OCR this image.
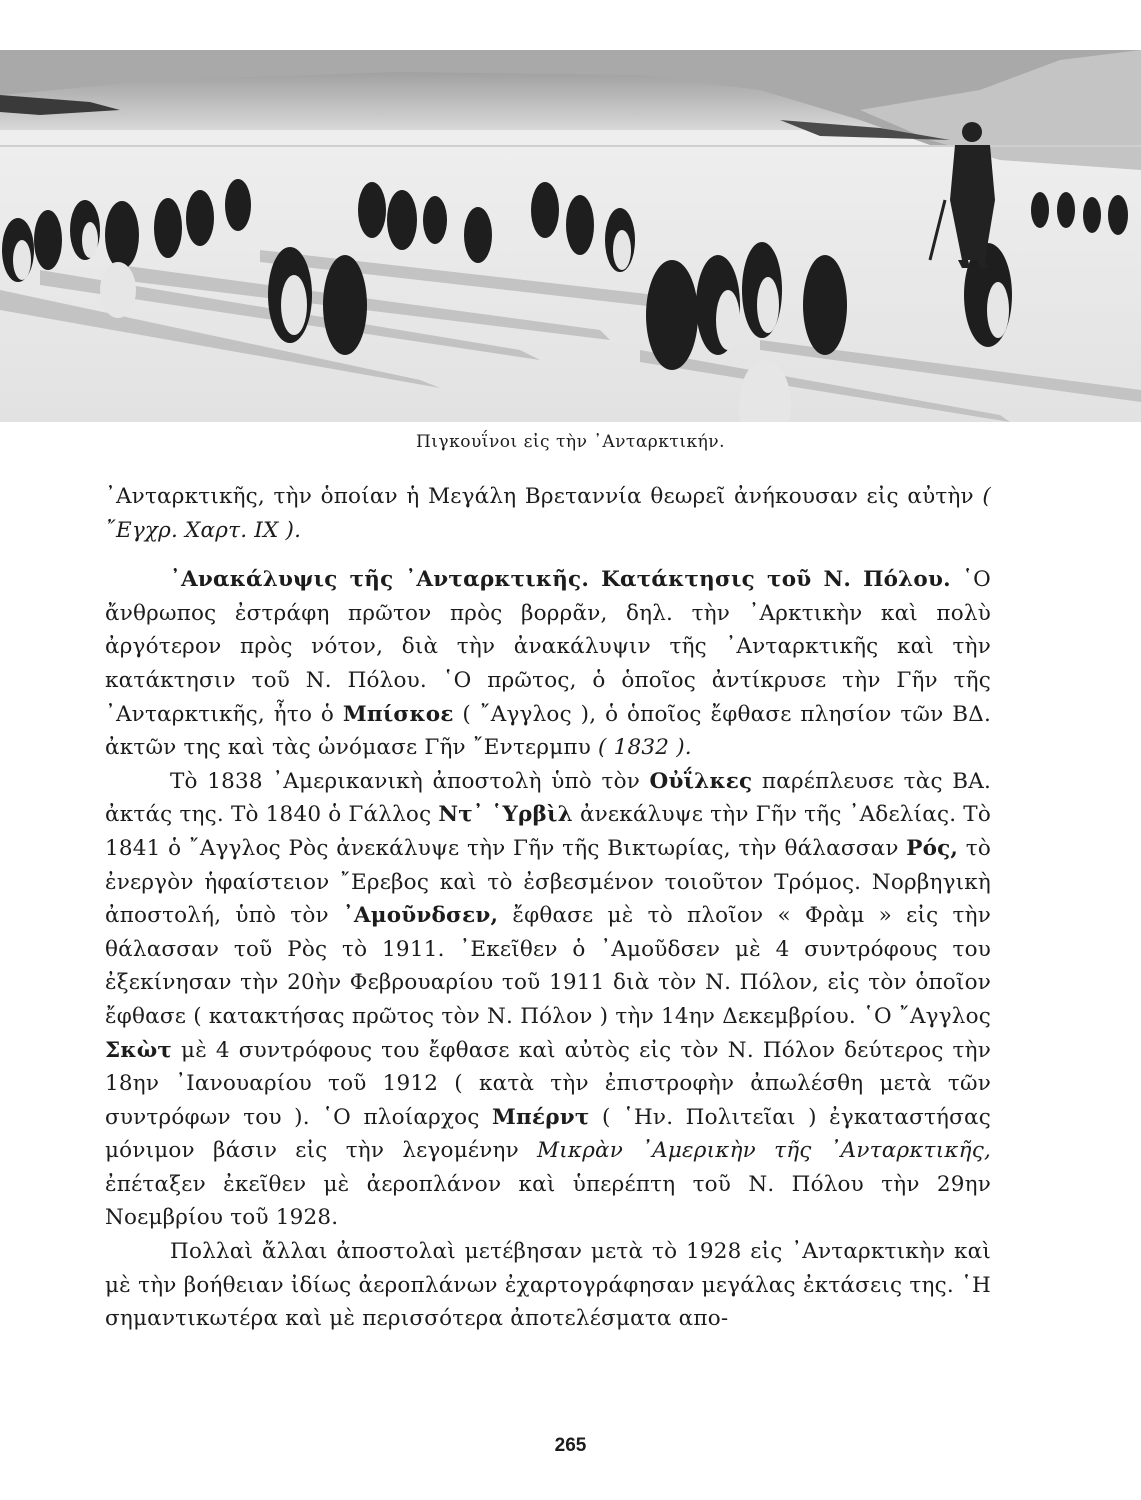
Πιγκουΐνοι εἰς τὴν ᾿Ανταρκτικήν.

᾿Ανταρκτικῆς, τὴν ὁποίαν ἡ Μεγάλη Βρεταννία θεωρεῖ ἀνήκουσαν εἰς αὐτὴν ( ῎Εγχρ. Χαρτ. ΙΧ ).

᾿Ανακάλυψις τῆς ᾿Ανταρκτικῆς. Κατάκτησις τοῦ Ν. Πόλου. ῾Ο ἄνθρωπος ἐστράφη πρῶτον πρὸς βορρᾶν, δηλ. τὴν ᾿Αρκτικὴν καὶ πολὺ ἀργότερον πρὸς νότον, διὰ τὴν ἀνακάλυψιν τῆς ᾿Ανταρκτικῆς καὶ τὴν κατάκτησιν τοῦ Ν. Πόλου. ῾Ο πρῶτος, ὁ ὁποῖος ἀντίκρυσε τὴν Γῆν τῆς ᾿Ανταρκτικῆς, ἦτο ὁ Μπίσκοε ( ῎Αγγλος ), ὁ ὁποῖος ἔφθασε πλησίον τῶν ΒΔ. ἀκτῶν της καὶ τὰς ὠνόμασε Γῆν ῎Εντερμπυ ( 1832 ).

Τὸ 1838 ᾿Αμερικανικὴ ἀποστολὴ ὑπὸ τὸν Οὐΐλκες παρέπλευσε τὰς ΒΑ. ἀκτάς της. Τὸ 1840 ὁ Γάλλος Ντ᾿ ῾Υρβὶλ ἀνεκάλυψε τὴν Γῆν τῆς ᾿Αδελίας. Τὸ 1841 ὁ ῎Αγγλος Ρὸς ἀνεκάλυψε τὴν Γῆν τῆς Βικτωρίας, τὴν θάλασσαν Ρός, τὸ ἐνεργὸν ἡφαίστειον ῎Ερεβος καὶ τὸ ἐσβεσμένον τοιοῦτον Τρόμος. Νορβηγικὴ ἀποστολή, ὑπὸ τὸν ᾿Αμοῦνδσεν, ἔφθασε μὲ τὸ πλοῖον « Φρὰμ » εἰς τὴν θάλασσαν τοῦ Ρὸς τὸ 1911. ᾿Εκεῖθεν ὁ ᾿Αμοῦδσεν μὲ 4 συντρόφους του ἐξεκίνησαν τὴν 20ὴν Φεβρουαρίου τοῦ 1911 διὰ τὸν Ν. Πόλον, εἰς τὸν ὁποῖον ἔφθασε ( κατακτήσας πρῶτος τὸν Ν. Πόλον ) τὴν 14ην Δεκεμβρίου. ῾Ο ῎Αγγλος Σκὼτ μὲ 4 συντρόφους του ἔφθασε καὶ αὐτὸς εἰς τὸν Ν. Πόλον δεύτερος τὴν 18ην ᾿Ιανουαρίου τοῦ 1912 ( κατὰ τὴν ἐπιστροφὴν ἀπωλέσθη μετὰ τῶν συντρόφων του ). ῾Ο πλοίαρχος Μπέρντ ( ῾Ην. Πολιτεῖαι ) ἐγκαταστήσας μόνιμον βάσιν εἰς τὴν λεγομένην Μικρὰν ᾿Αμερικὴν τῆς ᾿Ανταρκτικῆς, ἐπέταξεν ἐκεῖθεν μὲ ἀεροπλάνον καὶ ὑπερέπτη τοῦ Ν. Πόλου τὴν 29ην Νοεμβρίου τοῦ 1928.

Πολλαὶ ἄλλαι ἀποστολαὶ μετέβησαν μετὰ τὸ 1928 εἰς ᾿Ανταρκτικὴν καὶ μὲ τὴν βοήθειαν ἰδίως ἀεροπλάνων ἐχαρτογράφησαν μεγάλας ἐκτάσεις της. ῾Η σημαντικωτέρα καὶ μὲ περισσότερα ἀποτελέσματα απο-

265
